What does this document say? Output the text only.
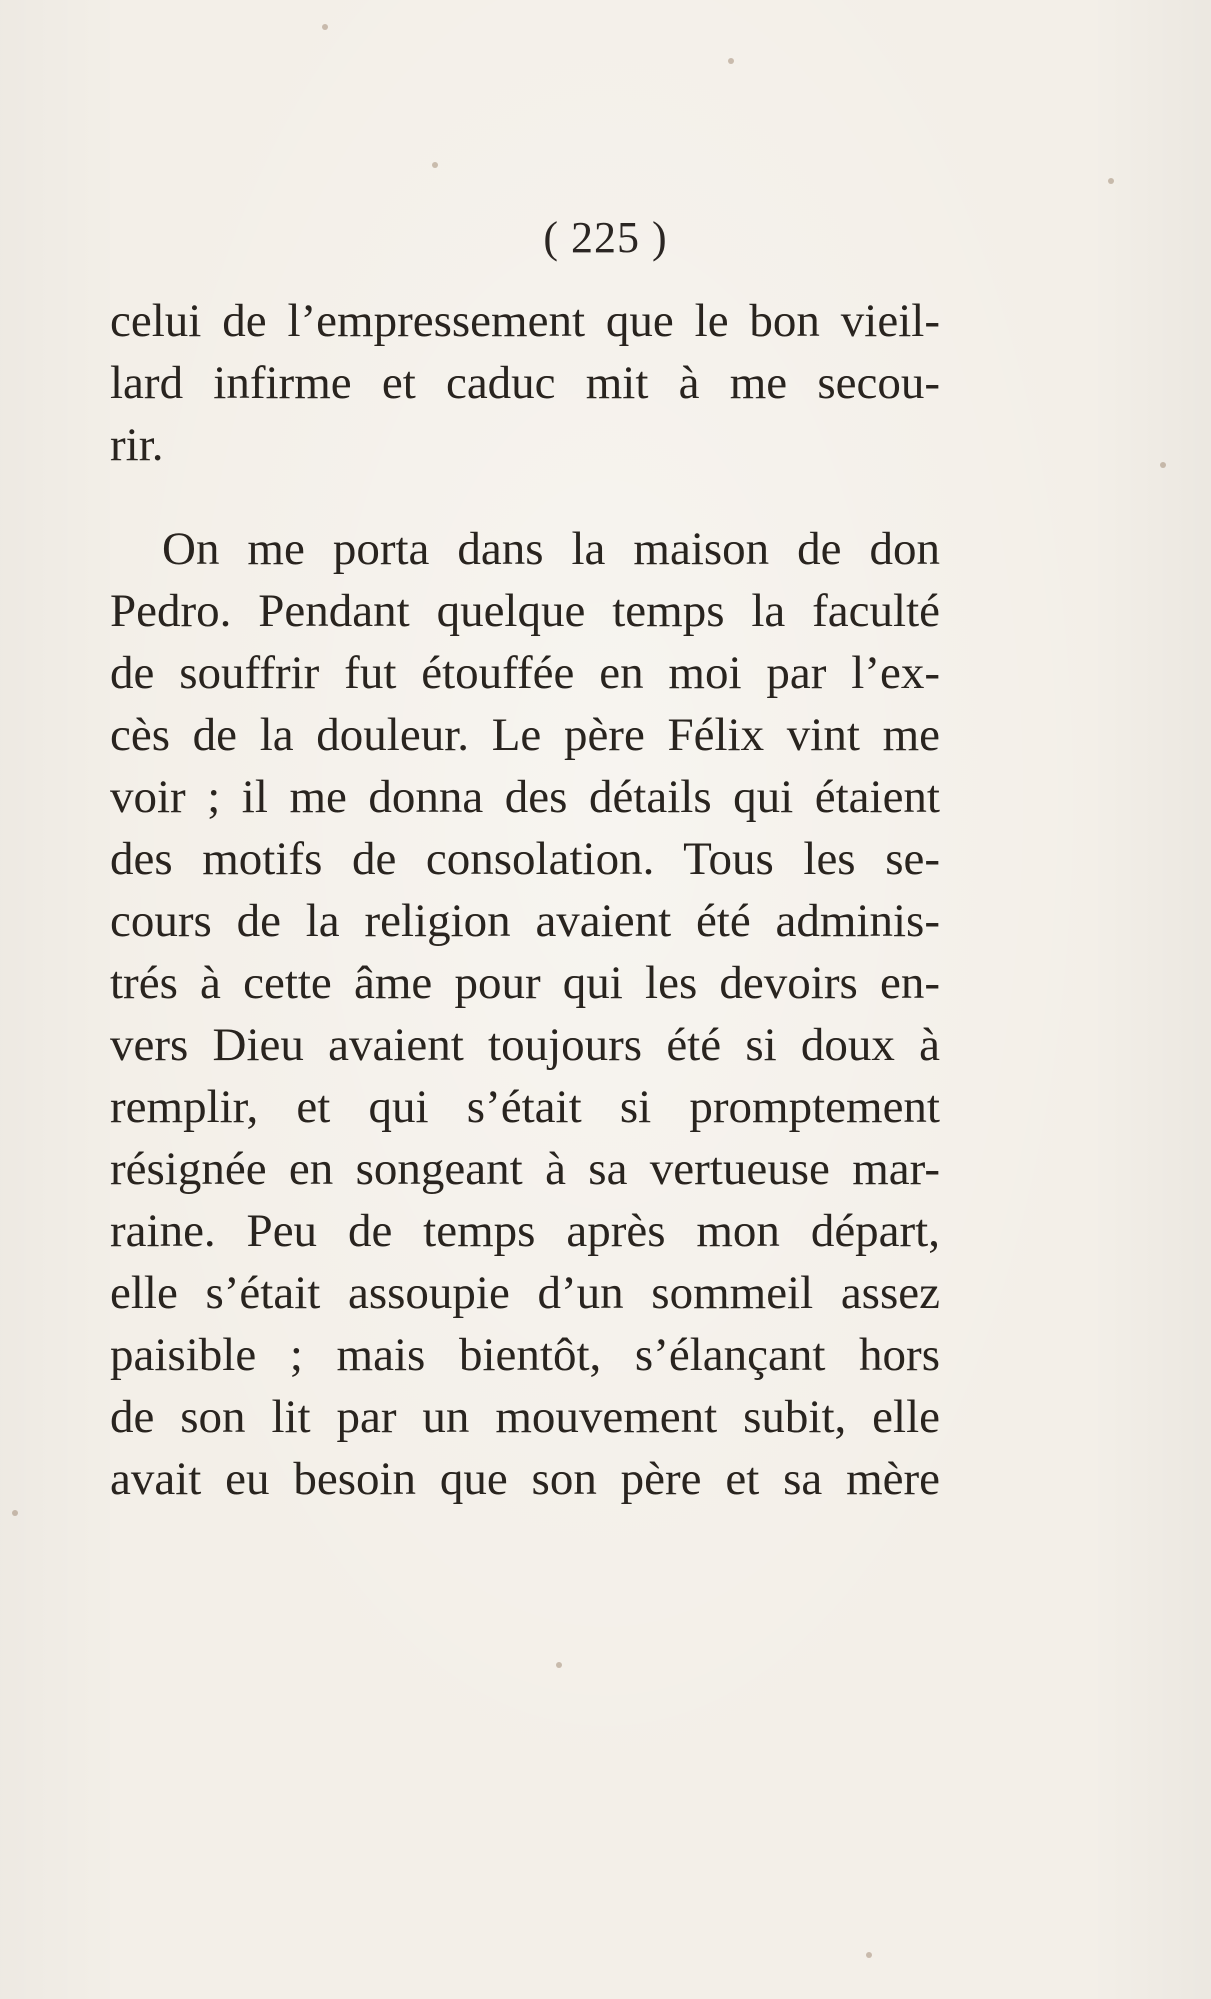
( 225 )
celui de l’empressement que le bon vieil-
lard infirme et caduc mit à me secou-
rir.
On me porta dans la maison de don
Pedro. Pendant quelque temps la faculté
de souffrir fut étouffée en moi par l’ex-
cès de la douleur. Le père Félix vint me
voir ; il me donna des détails qui étaient
des motifs de consolation. Tous les se-
cours de la religion avaient été adminis-
trés à cette âme pour qui les devoirs en-
vers Dieu avaient toujours été si doux à
remplir, et qui s’était si promptement
résignée en songeant à sa vertueuse mar-
raine. Peu de temps après mon départ,
elle s’était assoupie d’un sommeil assez
paisible ; mais bientôt, s’élançant hors
de son lit par un mouvement subit, elle
avait eu besoin que son père et sa mère
